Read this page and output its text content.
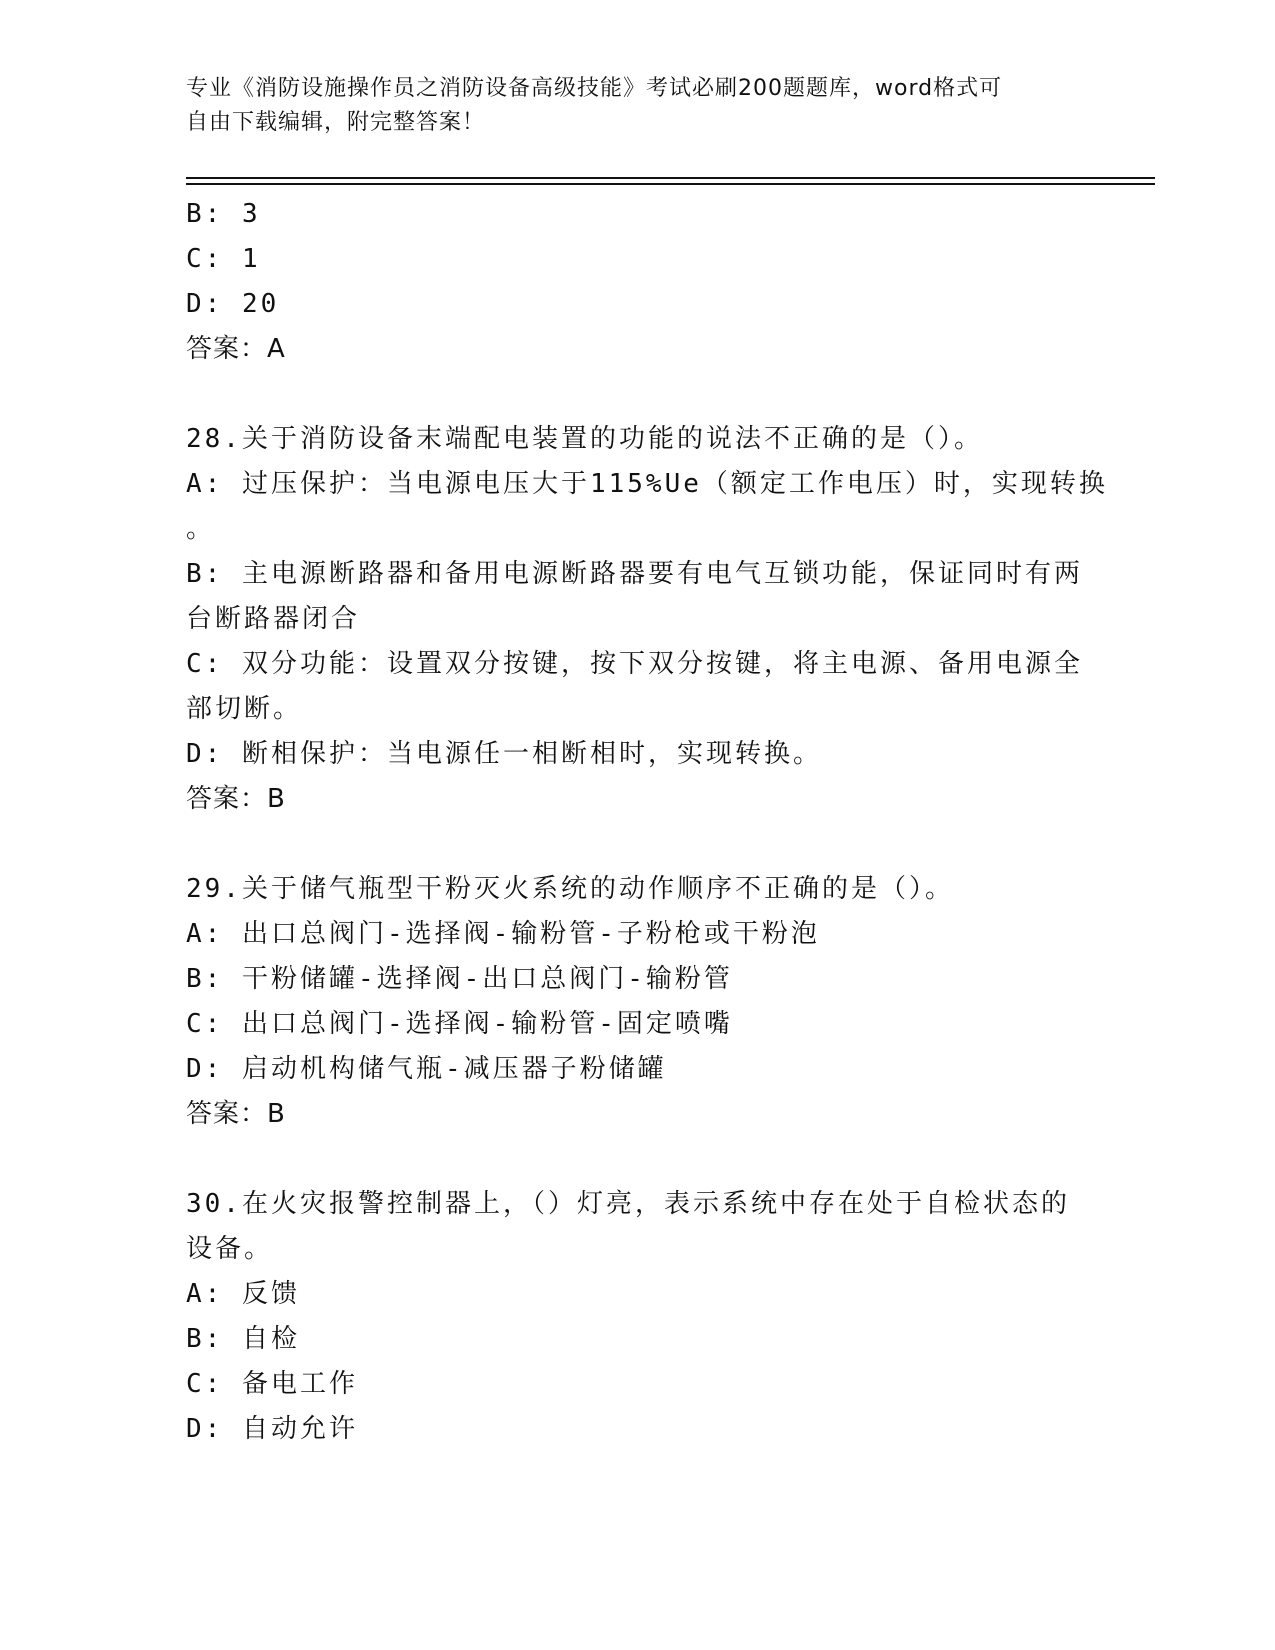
专业《消防设施操作员之消防设备高级技能》考试必刷200题题库，word格式可
自由下载编辑，附完整答案！
B: 3
C: 1
D: 20
答案：A
28.关于消防设备末端配电装置的功能的说法不正确的是（）。
A: 过压保护：当电源电压大于115%Ue（额定工作电压）时，实现转换
。
B: 主电源断路器和备用电源断路器要有电气互锁功能，保证同时有两
台断路器闭合
C: 双分功能：设置双分按键，按下双分按键，将主电源、备用电源全
部切断。
D: 断相保护：当电源任一相断相时，实现转换。
答案：B
29.关于储气瓶型干粉灭火系统的动作顺序不正确的是（）。
A: 出口总阀门-选择阀-输粉管-子粉枪或干粉泡
B: 干粉储罐-选择阀-出口总阀门-输粉管
C: 出口总阀门-选择阀-输粉管-固定喷嘴
D: 启动机构储气瓶-减压器子粉储罐
答案：B
30.在火灾报警控制器上，（）灯亮，表示系统中存在处于自检状态的
设备。
A: 反馈
B: 自检
C: 备电工作
D: 自动允许
